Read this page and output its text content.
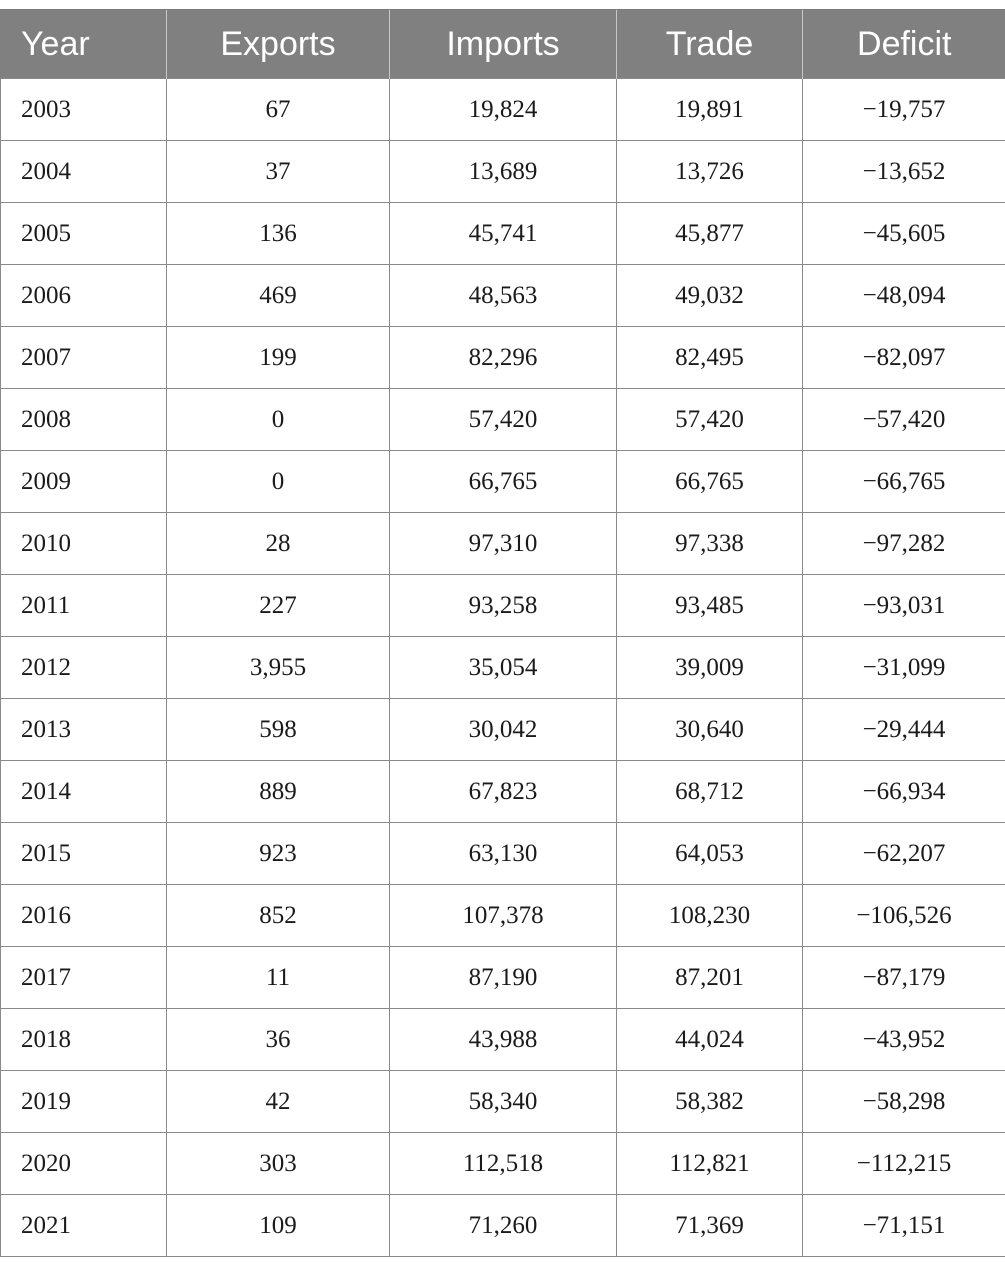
Year	Exports	Imports	Trade	Deficit
2003	67	19,824	19,891	−19,757
2004	37	13,689	13,726	−13,652
2005	136	45,741	45,877	−45,605
2006	469	48,563	49,032	−48,094
2007	199	82,296	82,495	−82,097
2008	0	57,420	57,420	−57,420
2009	0	66,765	66,765	−66,765
2010	28	97,310	97,338	−97,282
2011	227	93,258	93,485	−93,031
2012	3,955	35,054	39,009	−31,099
2013	598	30,042	30,640	−29,444
2014	889	67,823	68,712	−66,934
2015	923	63,130	64,053	−62,207
2016	852	107,378	108,230	−106,526
2017	11	87,190	87,201	−87,179
2018	36	43,988	44,024	−43,952
2019	42	58,340	58,382	−58,298
2020	303	112,518	112,821	−112,215
2021	109	71,260	71,369	−71,151
